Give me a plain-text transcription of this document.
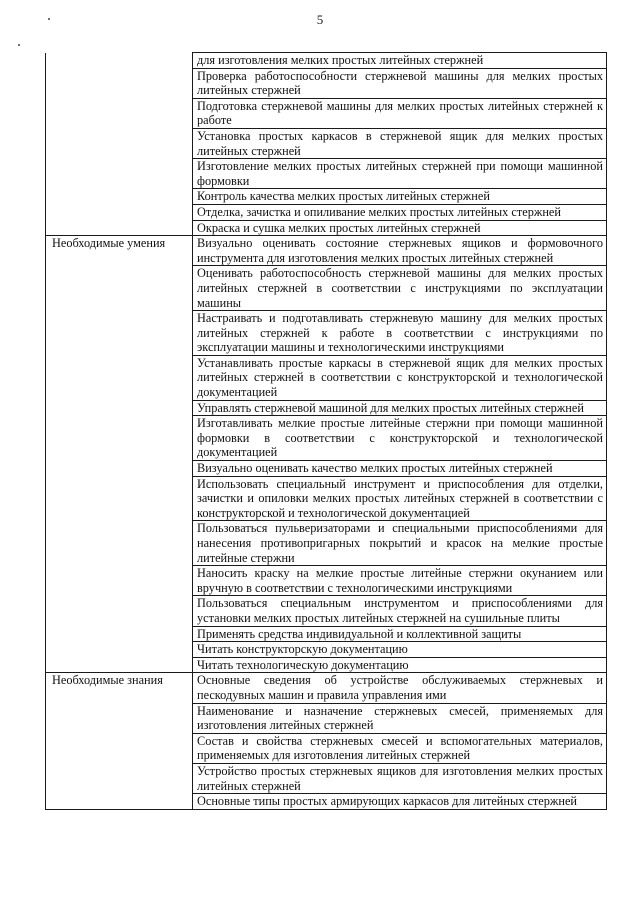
5
	для изготовления мелких простых литейных стержней
	Проверка работоспособности стержневой машины для мелких простых литейных стержней
	Подготовка стержневой машины для мелких простых литейных стержней к работе
	Установка простых каркасов в стержневой ящик для мелких простых литейных стержней
	Изготовление мелких простых литейных стержней при помощи машинной формовки
	Контроль качества мелких простых литейных стержней
	Отделка, зачистка и опиливание мелких простых литейных стержней
	Окраска и сушка мелких простых литейных стержней
Необходимые умения	Визуально оценивать состояние стержневых ящиков и формовочного инструмента для изготовления мелких простых литейных стержней
	Оценивать работоспособность стержневой машины для мелких простых литейных стержней в соответствии с инструкциями по эксплуатации машины
	Настраивать и подготавливать стержневую машину для мелких простых литейных стержней к работе в соответствии с инструкциями по эксплуатации машины и технологическими инструкциями
	Устанавливать простые каркасы в стержневой ящик для мелких простых литейных стержней в соответствии с конструкторской и технологической документацией
	Управлять стержневой машиной для мелких простых литейных стержней
	Изготавливать мелкие простые литейные стержни при помощи машинной формовки в соответствии с конструкторской и технологической документацией
	Визуально оценивать качество мелких простых литейных стержней
	Использовать специальный инструмент и приспособления для отделки, зачистки и опиловки мелких простых литейных стержней в соответствии с конструкторской и технологической документацией
	Пользоваться пульверизаторами и специальными приспособлениями для нанесения противопригарных покрытий и красок на мелкие простые литейные стержни
	Наносить краску на мелкие простые литейные стержни окунанием или вручную в соответствии с технологическими инструкциями
	Пользоваться специальным инструментом и приспособлениями для установки мелких простых литейных стержней на сушильные плиты
	Применять средства индивидуальной и коллективной защиты
	Читать конструкторскую документацию
	Читать технологическую документацию
Необходимые знания	Основные сведения об устройстве обслуживаемых стержневых и пескодувных машин и правила управления ими
	Наименование и назначение стержневых смесей, применяемых для изготовления литейных стержней
	Состав и свойства стержневых смесей и вспомогательных материалов, применяемых для изготовления литейных стержней
	Устройство простых стержневых ящиков для изготовления мелких простых литейных стержней
	Основные типы простых армирующих каркасов для литейных стержней
